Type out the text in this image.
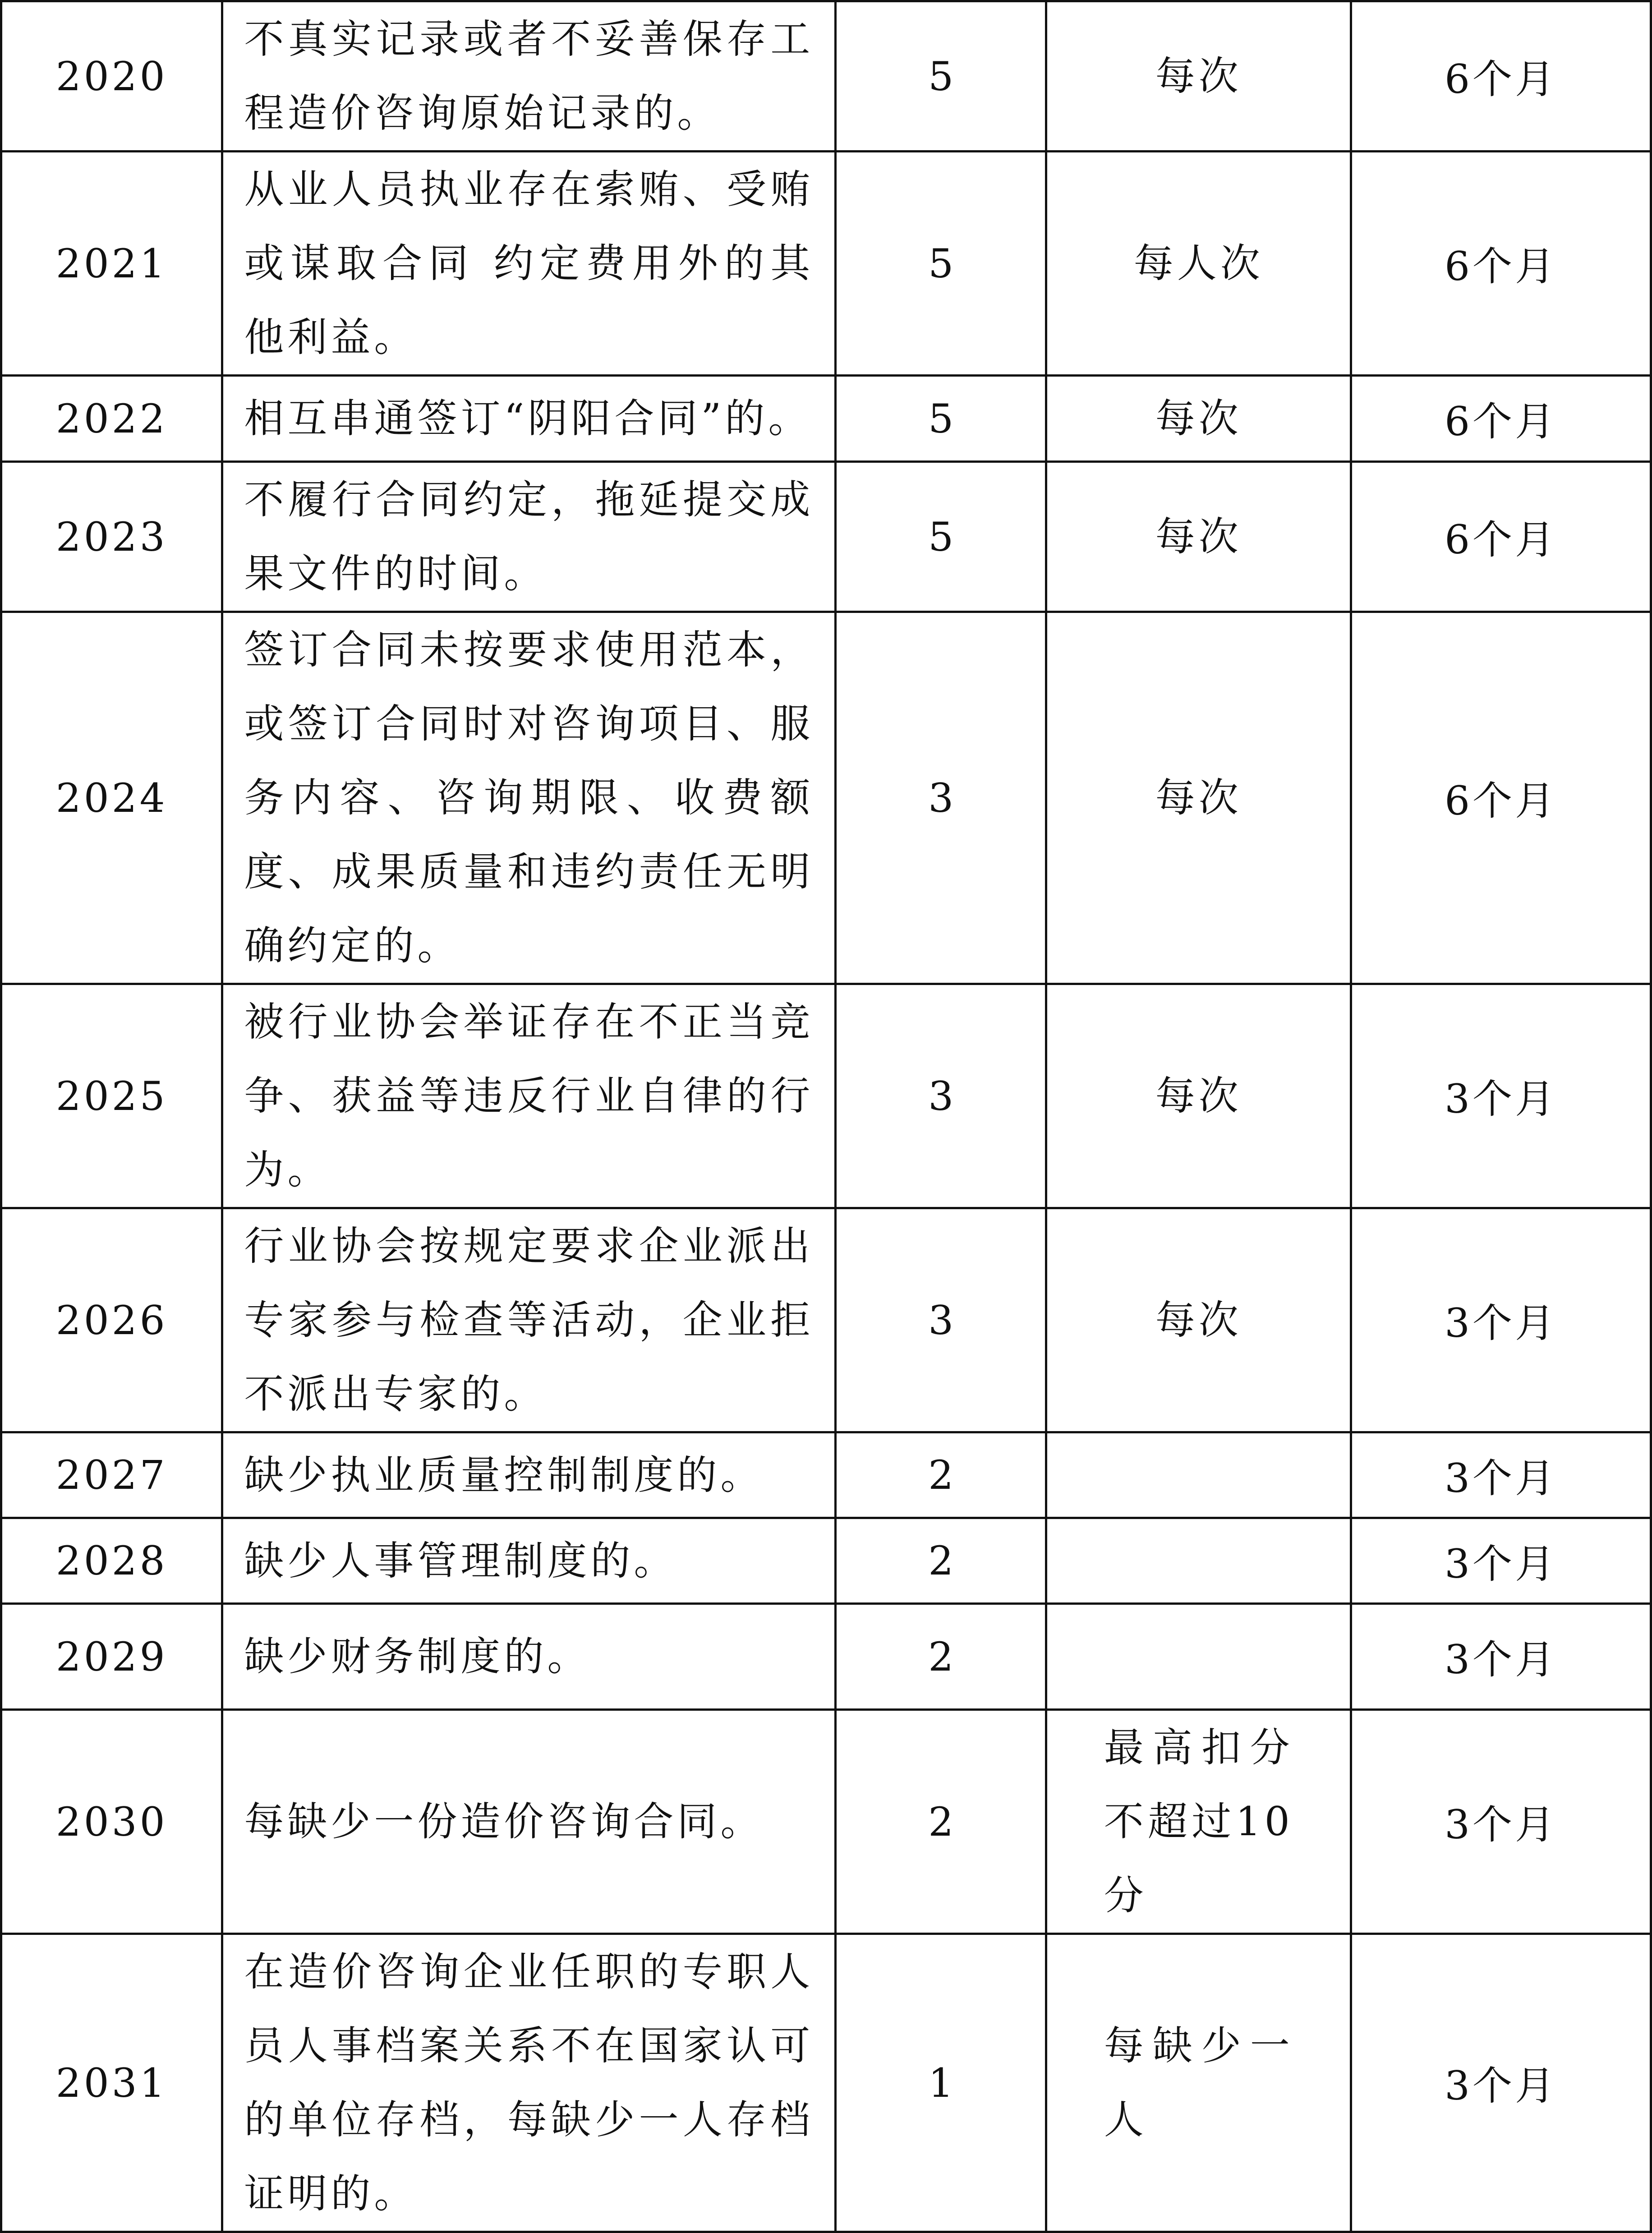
2020	不真实记录或者不妥善保存工程造价咨询原始记录的。	5	每次	6个月
2021	从业人员执业存在索贿、受贿或谋取合同 约定费用外的其他利益。	5	每人次	6个月
2022	相互串通签订“阴阳合同”的。	5	每次	6个月
2023	不履行合同约定，拖延提交成果文件的时间。	5	每次	6个月
2024	签订合同未按要求使用范本，或签订合同时对咨询项目、服务内容、咨询期限、收费额度、成果质量和违约责任无明确约定的。	3	每次	6个月
2025	被行业协会举证存在不正当竞争、获益等违反行业自律的行为。	3	每次	3个月
2026	行业协会按规定要求企业派出专家参与检查等活动，企业拒不派出专家的。	3	每次	3个月
2027	缺少执业质量控制制度的。	2		3个月
2028	缺少人事管理制度的。	2		3个月
2029	缺少财务制度的。	2		3个月
2030	每缺少一份造价咨询合同。	2	最高扣分不超过10分	3个月
2031	在造价咨询企业任职的专职人员人事档案关系不在国家认可的单位存档，每缺少一人存档证明的。	1	每缺少一人	3个月
